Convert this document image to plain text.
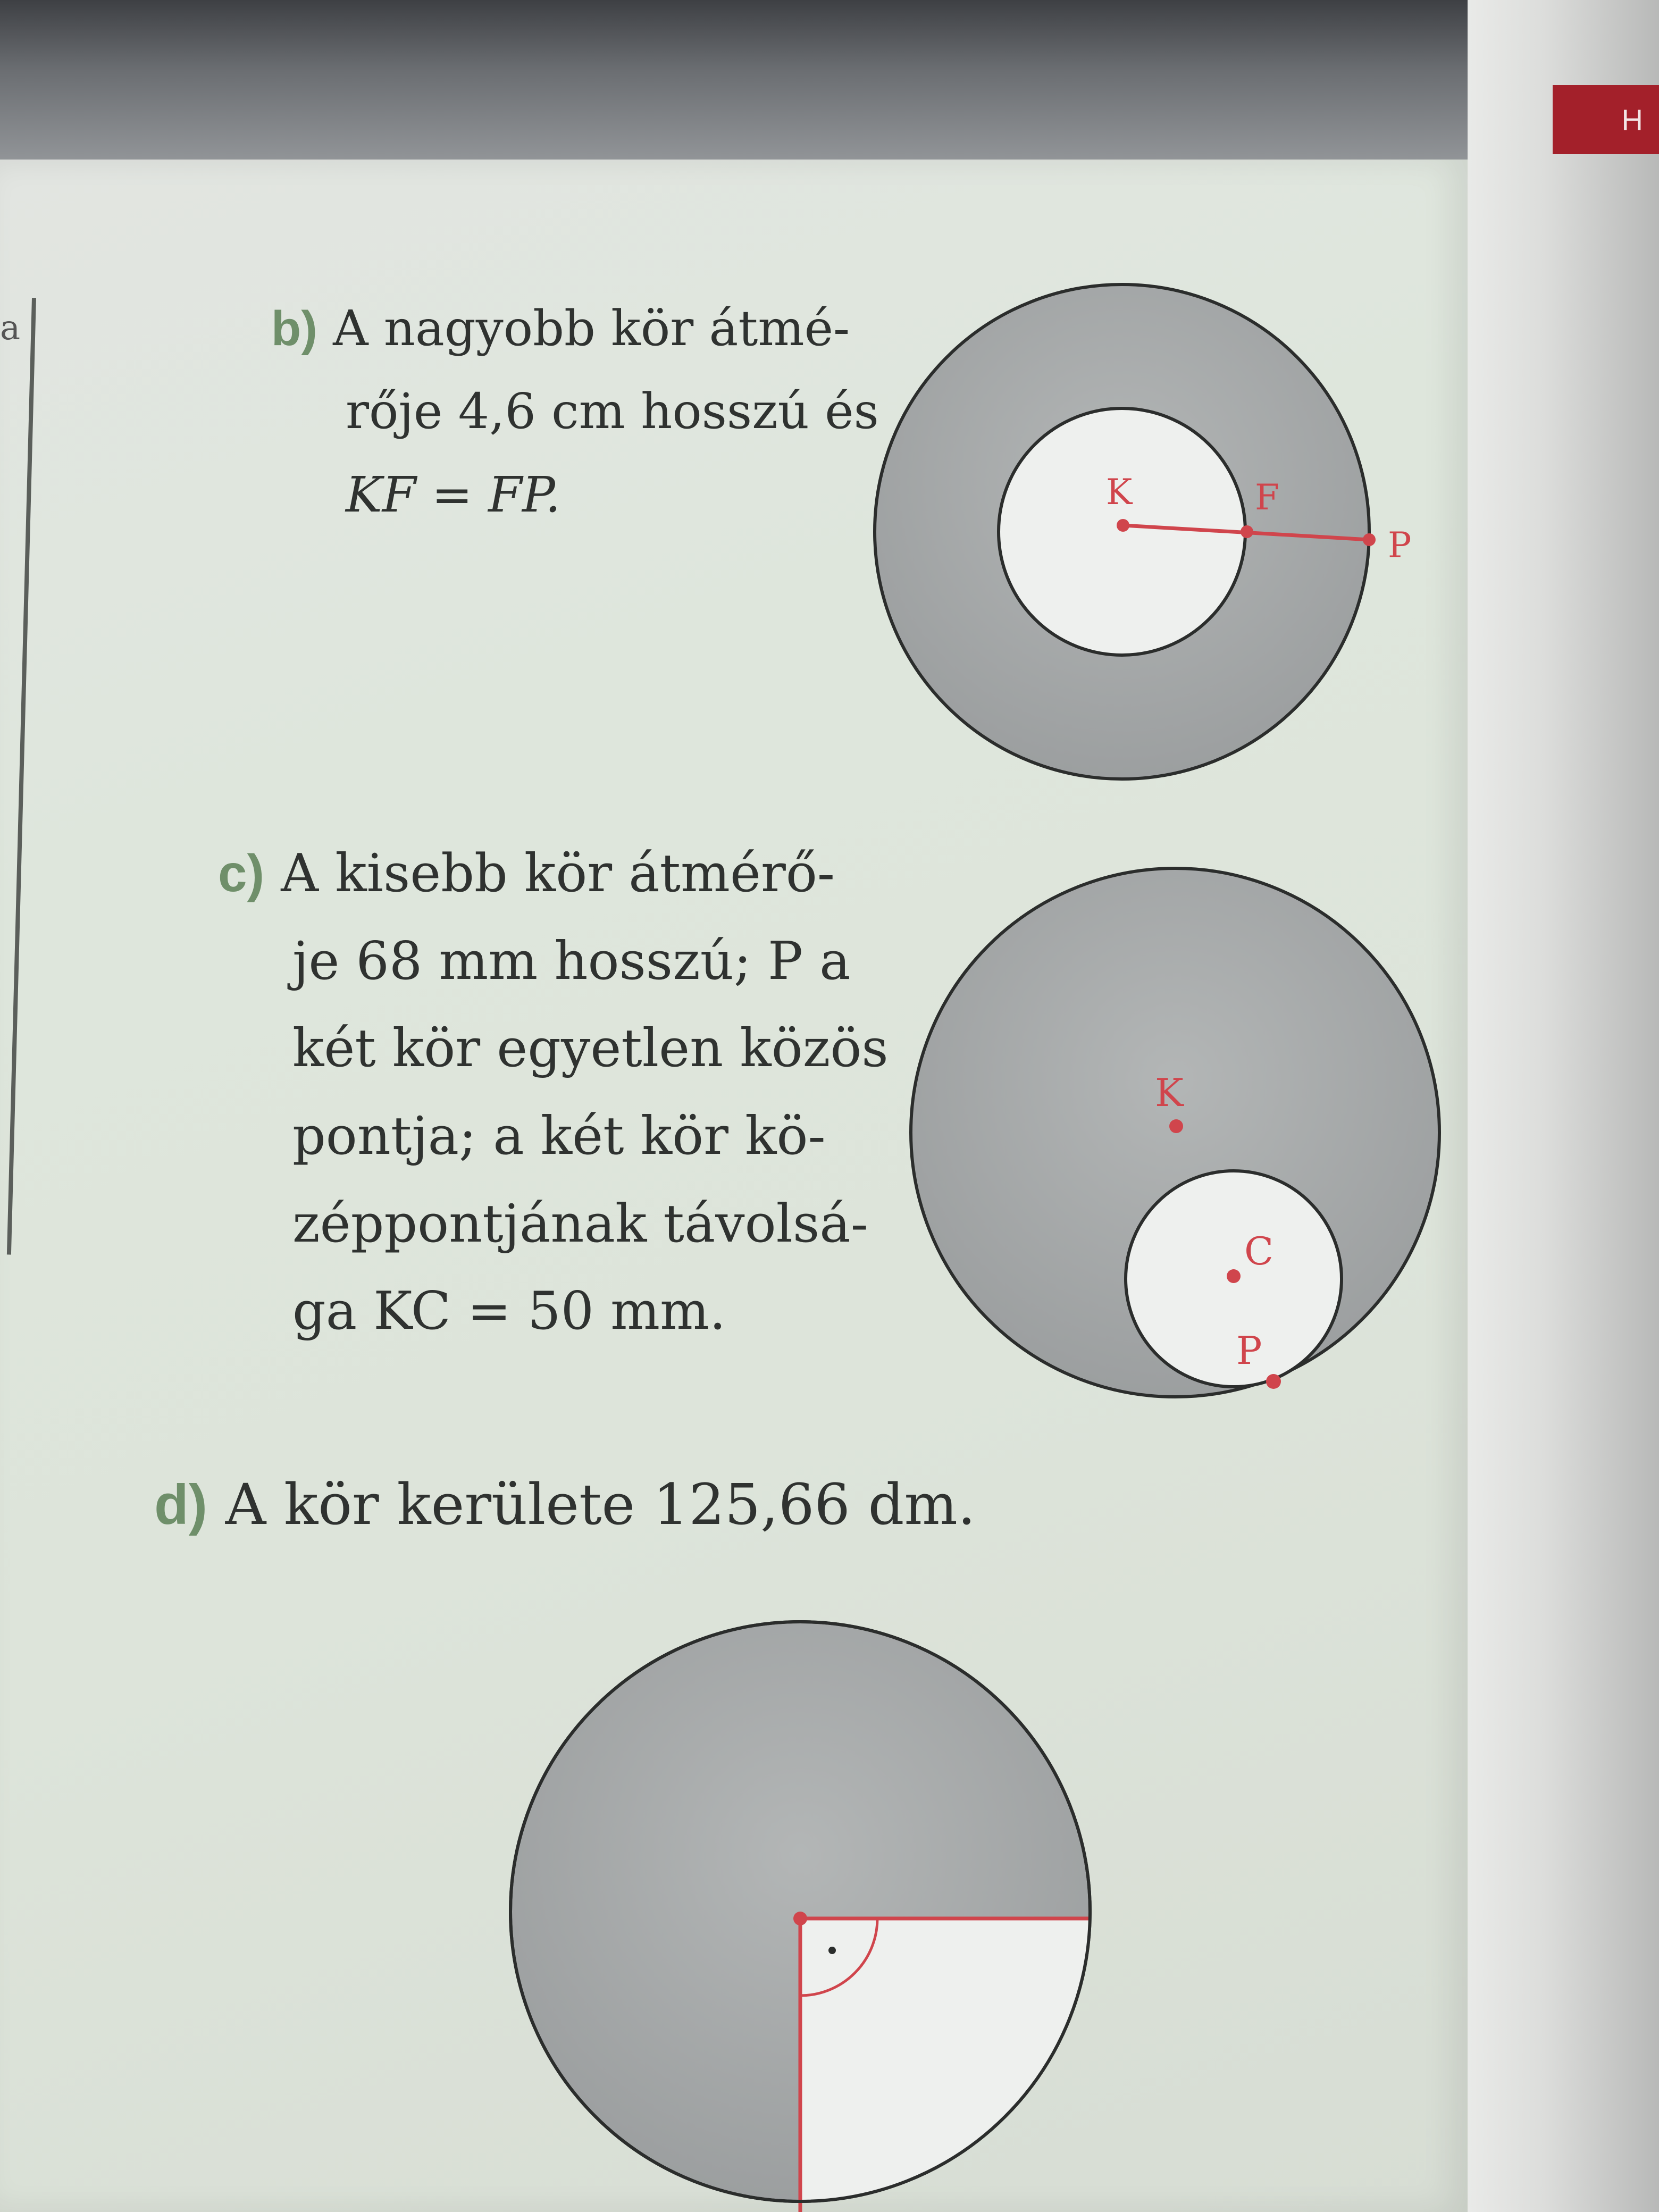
H
a	b) A nagyobb kör átmé-

rője 4,6 cm hosszú és

KF = FP.

c) A kisebb kör átmérő-

je 68 mm hosszú; P a

két kör egyetlen közös

pontja; a két kör kö-

zéppontjának távolsá-

ga KC = 50 mm.

d) A kör kerülete 125,66 dm.

K	F
P
K
C
P
